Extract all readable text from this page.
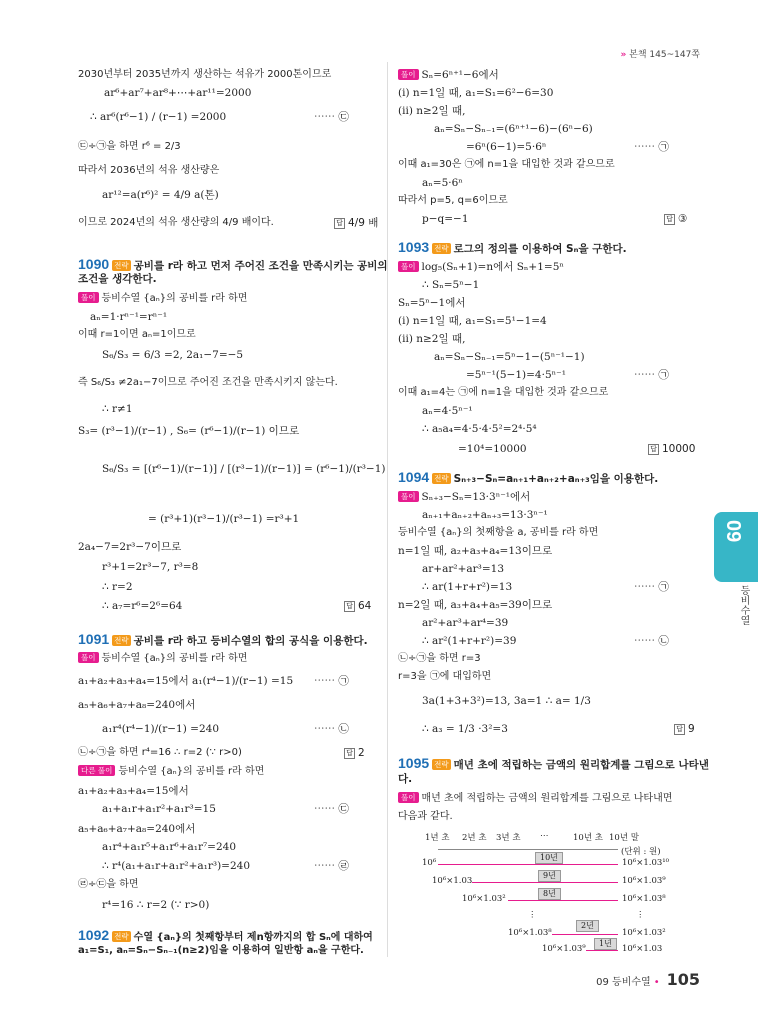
» 본책 145~147쪽
2030년부터 2035년까지 생산하는 석유가 2000톤이므로
ar⁶+ar⁷+ar⁸+⋯+ar¹¹=2000
∴ ar⁶(r⁶−1) / (r−1) =2000	⋯⋯ ㉢
㉢÷㉠을 하면 r⁶ = 2/3
따라서 2036년의 석유 생산량은
ar¹²=a(r⁶)² = 4/9 a(톤)
이므로 2024년의 석유 생산량의 4/9 배이다.	답 4/9 배
1090 전략 공비를 r라 하고 먼저 주어진 조건을 만족시키는 공비의
조건을 생각한다.
풀이 등비수열 {aₙ}의 공비를 r라 하면
aₙ=1·rⁿ⁻¹=rⁿ⁻¹
이때 r=1이면 aₙ=1이므로
S₆/S₃ = 6/3 =2, 2a₁−7=−5
즉 S₆/S₃ ≠2a₁−7이므로 주어진 조건을 만족시키지 않는다.
∴ r≠1
S₃= (r³−1)/(r−1) , S₆= (r⁶−1)/(r−1) 이므로
S₆/S₃ = [(r⁶−1)/(r−1)] / [(r³−1)/(r−1)] = (r⁶−1)/(r³−1)
= (r³+1)(r³−1)/(r³−1) =r³+1
2a₄−7=2r³−7이므로
r³+1=2r³−7, r³=8
∴ r=2
∴ a₇=r⁶=2⁶=64	답 64
1091 전략 공비를 r라 하고 등비수열의 합의 공식을 이용한다.
풀이 등비수열 {aₙ}의 공비를 r라 하면
a₁+a₂+a₃+a₄=15에서 a₁(r⁴−1)/(r−1) =15 ⋯⋯ ㉠
a₅+a₆+a₇+a₈=240에서
a₁r⁴(r⁴−1)/(r−1) =240	⋯⋯ ㉡
㉡÷㉠을 하면 r⁴=16 ∴ r=2 (∵ r>0)	답 2
다른 풀이 등비수열 {aₙ}의 공비를 r라 하면
a₁+a₂+a₃+a₄=15에서
a₁+a₁r+a₁r²+a₁r³=15	⋯⋯ ㉢
a₅+a₆+a₇+a₈=240에서
a₁r⁴+a₁r⁵+a₁r⁶+a₁r⁷=240
∴ r⁴(a₁+a₁r+a₁r²+a₁r³)=240	⋯⋯ ㉣
㉣÷㉢을 하면
r⁴=16 ∴ r=2 (∵ r>0)
1092 전략 수열 {aₙ}의 첫째항부터 제n항까지의 합 Sₙ에 대하여
a₁=S₁, aₙ=Sₙ−Sₙ₋₁(n≥2)임을 이용하여 일반항 aₙ을 구한다.
풀이 Sₙ=6ⁿ⁺¹−6에서
(i) n=1일 때, a₁=S₁=6²−6=30
(ii) n≥2일 때,
aₙ=Sₙ−Sₙ₋₁=(6ⁿ⁺¹−6)−(6ⁿ−6)
=6ⁿ(6−1)=5·6ⁿ	⋯⋯ ㉠
이때 a₁=30은 ㉠에 n=1을 대입한 것과 같으므로
aₙ=5·6ⁿ
따라서 p=5, q=6이므로
p−q=−1	답 ③
1093 전략 로그의 정의를 이용하여 Sₙ을 구한다.
풀이 log₅(Sₙ+1)=n에서 Sₙ+1=5ⁿ
∴ Sₙ=5ⁿ−1
Sₙ=5ⁿ−1에서
(i) n=1일 때, a₁=S₁=5¹−1=4
(ii) n≥2일 때,
aₙ=Sₙ−Sₙ₋₁=5ⁿ−1−(5ⁿ⁻¹−1)
=5ⁿ⁻¹(5−1)=4·5ⁿ⁻¹	⋯⋯ ㉠
이때 a₁=4는 ㉠에 n=1을 대입한 것과 같으므로
aₙ=4·5ⁿ⁻¹
∴ a₅a₄=4·5·4·5²=2⁴·5⁴
=10⁴=10000	답 10000
1094 전략 Sₙ₊₃−Sₙ=aₙ₊₁+aₙ₊₂+aₙ₊₃임을 이용한다.
풀이 Sₙ₊₃−Sₙ=13·3ⁿ⁻¹에서
aₙ₊₁+aₙ₊₂+aₙ₊₃=13·3ⁿ⁻¹
등비수열 {aₙ}의 첫째항을 a, 공비를 r라 하면
n=1일 때, a₂+a₃+a₄=13이므로
ar+ar²+ar³=13
∴ ar(1+r+r²)=13	⋯⋯ ㉠
n=2일 때, a₃+a₄+a₅=39이므로
ar²+ar³+ar⁴=39
∴ ar²(1+r+r²)=39	⋯⋯ ㉡
㉡÷㉠을 하면 r=3
r=3을 ㉠에 대입하면
3a(1+3+3²)=13, 3a=1 ∴ a= 1/3
∴ a₃ = 1/3 ·3²=3	답 9
1095 전략 매년 초에 적립하는 금액의 원리합계를 그림으로 나타낸
다.
풀이 매년 초에 적립하는 금액의 원리합계를 그림으로 나타내면
다음과 같다.
1년 초 2년 초 3년 초 ⋯	10년 초 10년 말
(단위 : 원)
10⁶
10년
10⁶×1.03¹⁰
10⁶×1.03
9년
10⁶×1.03⁹
10⁶×1.03²
8년
10⁶×1.03⁸
⋮	⋮
10⁶×1.03⁸
2년
10⁶×1.03²
10⁶×1.03⁹
1년
10⁶×1.03
09
등비수열
09 등비수열 • 105
